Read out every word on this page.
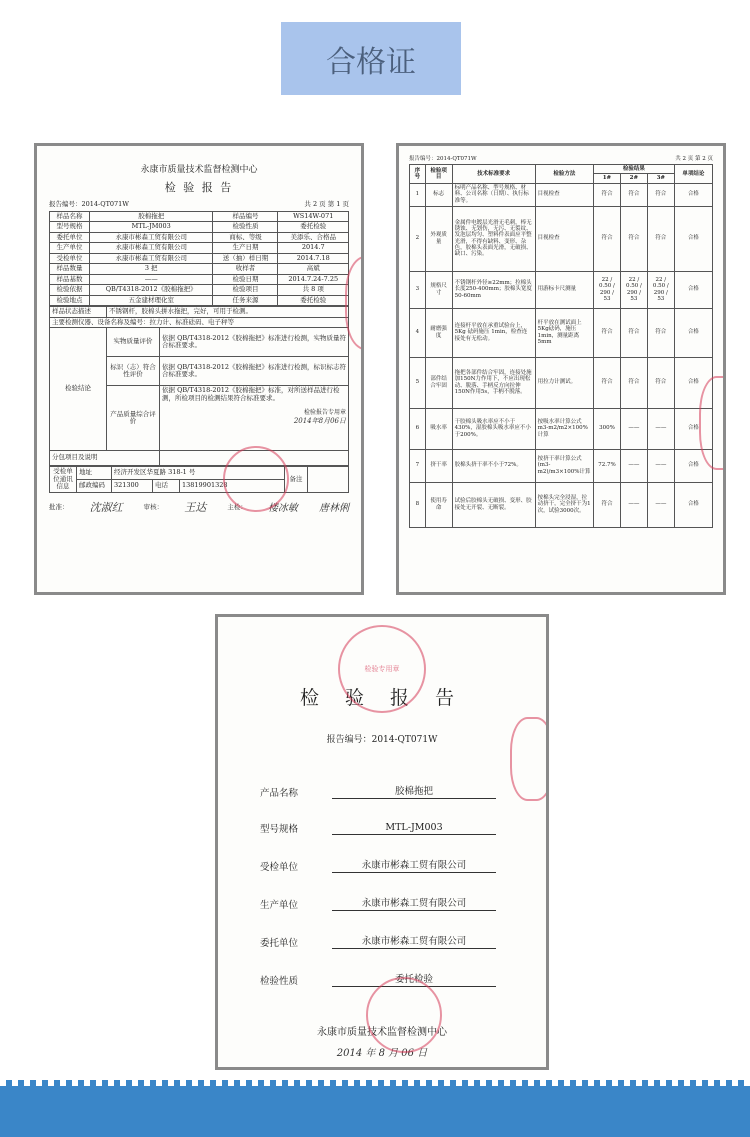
合格证
永康市质量技术监督检测中心
检 验 报 告
报告编号：2014-QT071W	共 2 页 第 1 页
样品名称	胶棉拖把	样品编号	WS14W-071
型号规格	MTL-JM003	检验性质	委托检验
委托单位	永康市彬森工贸有限公司	商标、等级	美添乐、合格品
生产单位	永康市彬森工贸有限公司	生产日期	2014.7
受检单位	永康市彬森工贸有限公司	送（抽）样日期	2014.7.18
样品数量	3 把	收样者	高斌
样品基数	——	检验日期	2014.7.24-7.25
检验依据	QB/T4318-2012《胶棉拖把》	检验项目	共 8 项
检验地点	五金建材理化室	任务来源	委托检验
样品状态描述	不锈钢杆，胶棉头拼水拖把，完好，可用于检测。	
主要检测仪器、设备名称及编号：拉力计、标准砝码、电子秤等		
检验结论	实物质量评价	依据 QB/T4318-2012《胶棉拖把》标准进行检测，实物质量符合标准要求。
	标识（志）符合性评价	依据 QB/T4318-2012《胶棉拖把》标准进行检测，标识标志符合标准要求。
	产品质量综合评价	依据 QB/T4318-2012《胶棉拖把》标准，对所送样品进行检测，所检项目的检测结果符合标准要求。
检验报告专用章
2014年8月06日

分包项目及说明		
受检单位通讯信息	地址	经济开发区华夏路 318-1 号			备注	
	邮政编码	321300	电话	13819901328		
批准： 沈淑红	审核： 王达	主检： 楼冰敏 唐林俐
报告编号：2014-QT071W	共 2 页 第 2 页
序号	检验项目	技术标准要求	检验方法	检验结果			单项结论
				1#	2#	3#	
1	标志	标明产品名称、型号规格、材料、公司名称（日期）、执行标准等。	目视检查	符合	符合	符合	合格
2	外观质量	金属件电镀层光滑无毛刺，棒无锈蚀、无划伤，无污、无裂纹、发泡层均匀、塑料件表面应平整光滑，不得有缺料、变形、杂色，胶棉头表面光滑，无破损、缺口、污染。	目视检查	符合	符合	符合	合格
3	规格尺寸	不锈钢杆外径≥22mm；拉棉头长度250-400mm；胶棉头宽度50-60mm	用游标卡尺测量	22 / 0.50 / 290 / 53	22 / 0.50 / 290 / 53	22 / 0.50 / 290 / 53	合格
4	耐磨强度	连接杆平放在承重试验台上，5Kg 砝码施压 1min，检查连接处有无松动。	杆平放在测试面上5Kg砝码，施压1min，测量距离5mm	符合	符合	符合	合格
5	部件结合牢固	拖把各部件结合牢固，连接处施加150N力作用下，不应出现松动、脱落、手柄反方向拉伸150N作用5s，手柄不脱落。	用拉力计测试。	符合	符合	符合	合格
6	吸水率	干胶棉头吸水率应不小于430%，湿胶棉头吸水率应不小于200%。	按吸水率计算公式 m3-m2/m2×100%计算	300%	——	——	合格
7	挤干率	胶棉头挤干率不小于72%。	按挤干率计算公式 (m3-m2)/m3×100%计算	72.7%	——	——	合格
8	使用寿命	试验后胶棉头无破损、变形、胶接处无开裂、无断裂。	按棉头完全浸湿，拉动挤干，完全挤干为1次，试验3000次。	符合	——	——	合格
检 验 报 告
检验专用章
报告编号：2014-QT071W
产品名称	胶棉拖把
型号规格	MTL-JM003
受检单位	永康市彬森工贸有限公司
生产单位	永康市彬森工贸有限公司
委托单位	永康市彬森工贸有限公司
检验性质	委托检验
永康市质量技术监督检测中心
2014 年 8 月 06 日
